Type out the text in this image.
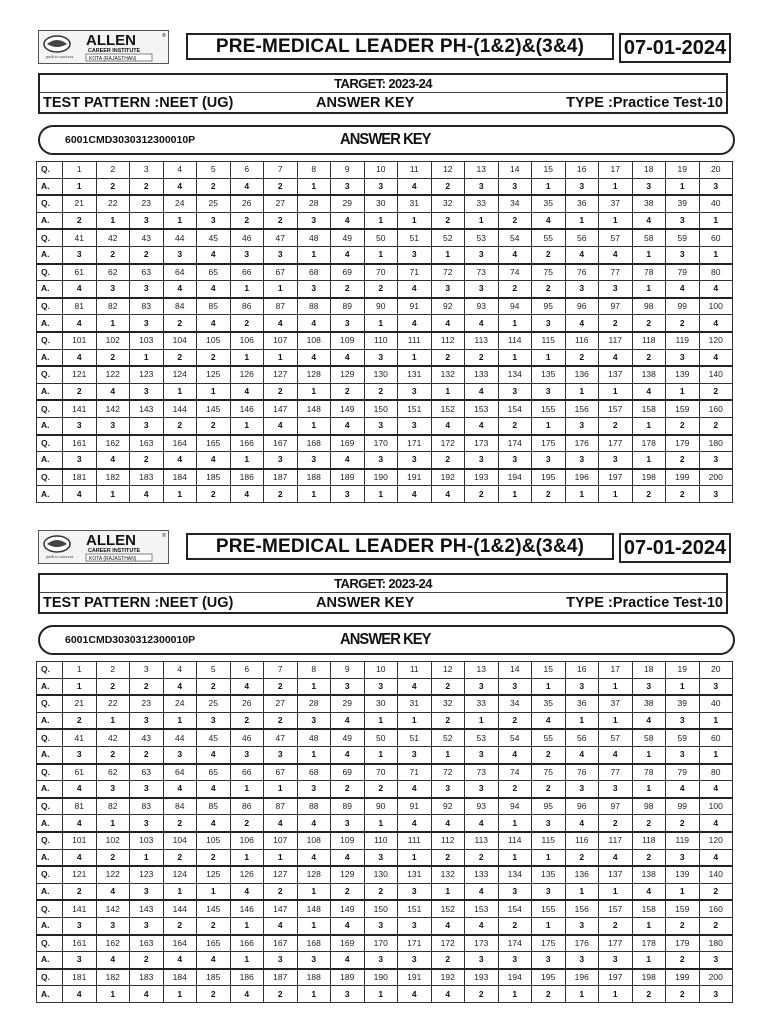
path to success
ALLEN
CAREER INSTITUTE
KOTA (RAJASTHAN)
®	PRE-MEDICAL LEADER PH-(1&2)&(3&4)	07-01-2024
TARGET: 2023-24
TEST PATTERN :NEET (UG)	ANSWER KEY	TYPE :Practice Test-10
6001CMD3030312300010P	ANSWER KEY
Q.	1	2	3	4	5	6	7	8	9	10	11	12	13	14	15	16	17	18	19	20
A.	1	2	2	4	2	4	2	1	3	3	4	2	3	3	1	3	1	3	1	3
Q.	21	22	23	24	25	26	27	28	29	30	31	32	33	34	35	36	37	38	39	40
A.	2	1	3	1	3	2	2	3	4	1	1	2	1	2	4	1	1	4	3	1
Q.	41	42	43	44	45	46	47	48	49	50	51	52	53	54	55	56	57	58	59	60
A.	3	2	2	3	4	3	3	1	4	1	3	1	3	4	2	4	4	1	3	1
Q.	61	62	63	64	65	66	67	68	69	70	71	72	73	74	75	76	77	78	79	80
A.	4	3	3	4	4	1	1	3	2	2	4	3	3	2	2	3	3	1	4	4
Q.	81	82	83	84	85	86	87	88	89	90	91	92	93	94	95	96	97	98	99	100
A.	4	1	3	2	4	2	4	4	3	1	4	4	4	1	3	4	2	2	2	4
Q.	101	102	103	104	105	106	107	108	109	110	111	112	113	114	115	116	117	118	119	120
A.	4	2	1	2	2	1	1	4	4	3	1	2	2	1	1	2	4	2	3	4
Q.	121	122	123	124	125	126	127	128	129	130	131	132	133	134	135	136	137	138	139	140
A.	2	4	3	1	1	4	2	1	2	2	3	1	4	3	3	1	1	4	1	2
Q.	141	142	143	144	145	146	147	148	149	150	151	152	153	154	155	156	157	158	159	160
A.	3	3	3	2	2	1	4	1	4	3	3	4	4	2	1	3	2	1	2	2
Q.	161	162	163	164	165	166	167	168	169	170	171	172	173	174	175	176	177	178	179	180
A.	3	4	2	4	4	1	3	3	4	3	3	2	3	3	3	3	3	1	2	3
Q.	181	182	183	184	185	186	187	188	189	190	191	192	193	194	195	196	197	198	199	200
A.	4	1	4	1	2	4	2	1	3	1	4	4	2	1	2	1	1	2	2	3
path to success
ALLEN
CAREER INSTITUTE
KOTA (RAJASTHAN)
®	PRE-MEDICAL LEADER PH-(1&2)&(3&4)	07-01-2024
TARGET: 2023-24
TEST PATTERN :NEET (UG)	ANSWER KEY	TYPE :Practice Test-10
6001CMD3030312300010P	ANSWER KEY
Q.	1	2	3	4	5	6	7	8	9	10	11	12	13	14	15	16	17	18	19	20
A.	1	2	2	4	2	4	2	1	3	3	4	2	3	3	1	3	1	3	1	3
Q.	21	22	23	24	25	26	27	28	29	30	31	32	33	34	35	36	37	38	39	40
A.	2	1	3	1	3	2	2	3	4	1	1	2	1	2	4	1	1	4	3	1
Q.	41	42	43	44	45	46	47	48	49	50	51	52	53	54	55	56	57	58	59	60
A.	3	2	2	3	4	3	3	1	4	1	3	1	3	4	2	4	4	1	3	1
Q.	61	62	63	64	65	66	67	68	69	70	71	72	73	74	75	76	77	78	79	80
A.	4	3	3	4	4	1	1	3	2	2	4	3	3	2	2	3	3	1	4	4
Q.	81	82	83	84	85	86	87	88	89	90	91	92	93	94	95	96	97	98	99	100
A.	4	1	3	2	4	2	4	4	3	1	4	4	4	1	3	4	2	2	2	4
Q.	101	102	103	104	105	106	107	108	109	110	111	112	113	114	115	116	117	118	119	120
A.	4	2	1	2	2	1	1	4	4	3	1	2	2	1	1	2	4	2	3	4
Q.	121	122	123	124	125	126	127	128	129	130	131	132	133	134	135	136	137	138	139	140
A.	2	4	3	1	1	4	2	1	2	2	3	1	4	3	3	1	1	4	1	2
Q.	141	142	143	144	145	146	147	148	149	150	151	152	153	154	155	156	157	158	159	160
A.	3	3	3	2	2	1	4	1	4	3	3	4	4	2	1	3	2	1	2	2
Q.	161	162	163	164	165	166	167	168	169	170	171	172	173	174	175	176	177	178	179	180
A.	3	4	2	4	4	1	3	3	4	3	3	2	3	3	3	3	3	1	2	3
Q.	181	182	183	184	185	186	187	188	189	190	191	192	193	194	195	196	197	198	199	200
A.	4	1	4	1	2	4	2	1	3	1	4	4	2	1	2	1	1	2	2	3
